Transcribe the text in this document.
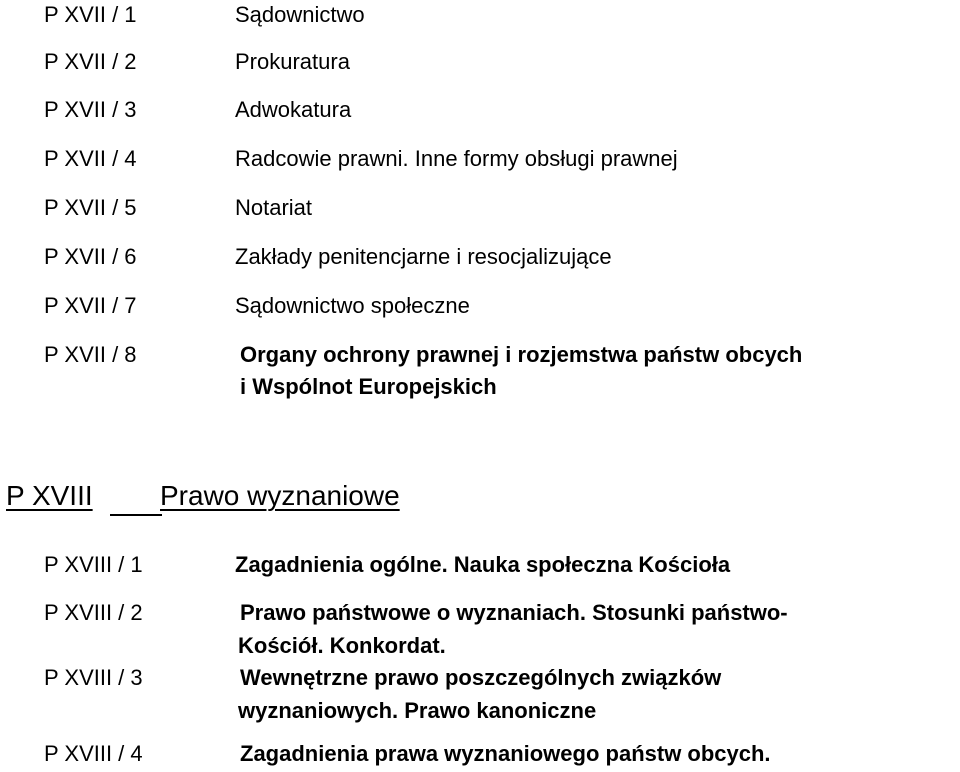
P XVII / 1	Sądownictwo
P XVII / 2	Prokuratura
P XVII / 3	Adwokatura
P XVII / 4	Radcowie prawni. Inne formy obsługi prawnej
P XVII / 5	Notariat
P XVII / 6	Zakłady penitencjarne i resocjalizujące
P XVII / 7	Sądownictwo społeczne
P XVII / 8	Organy ochrony prawnej i rozjemstwa państw obcych
i Wspólnot Europejskich
P XVIII	Prawo wyznaniowe
P XVIII / 1	Zagadnienia ogólne. Nauka społeczna Kościoła
P XVIII / 2	Prawo państwowe o wyznaniach. Stosunki państwo-
Kościół. Konkordat.
P XVIII / 3	Wewnętrzne prawo poszczególnych związków
wyznaniowych. Prawo kanoniczne
P XVIII / 4	Zagadnienia prawa wyznaniowego państw obcych.
